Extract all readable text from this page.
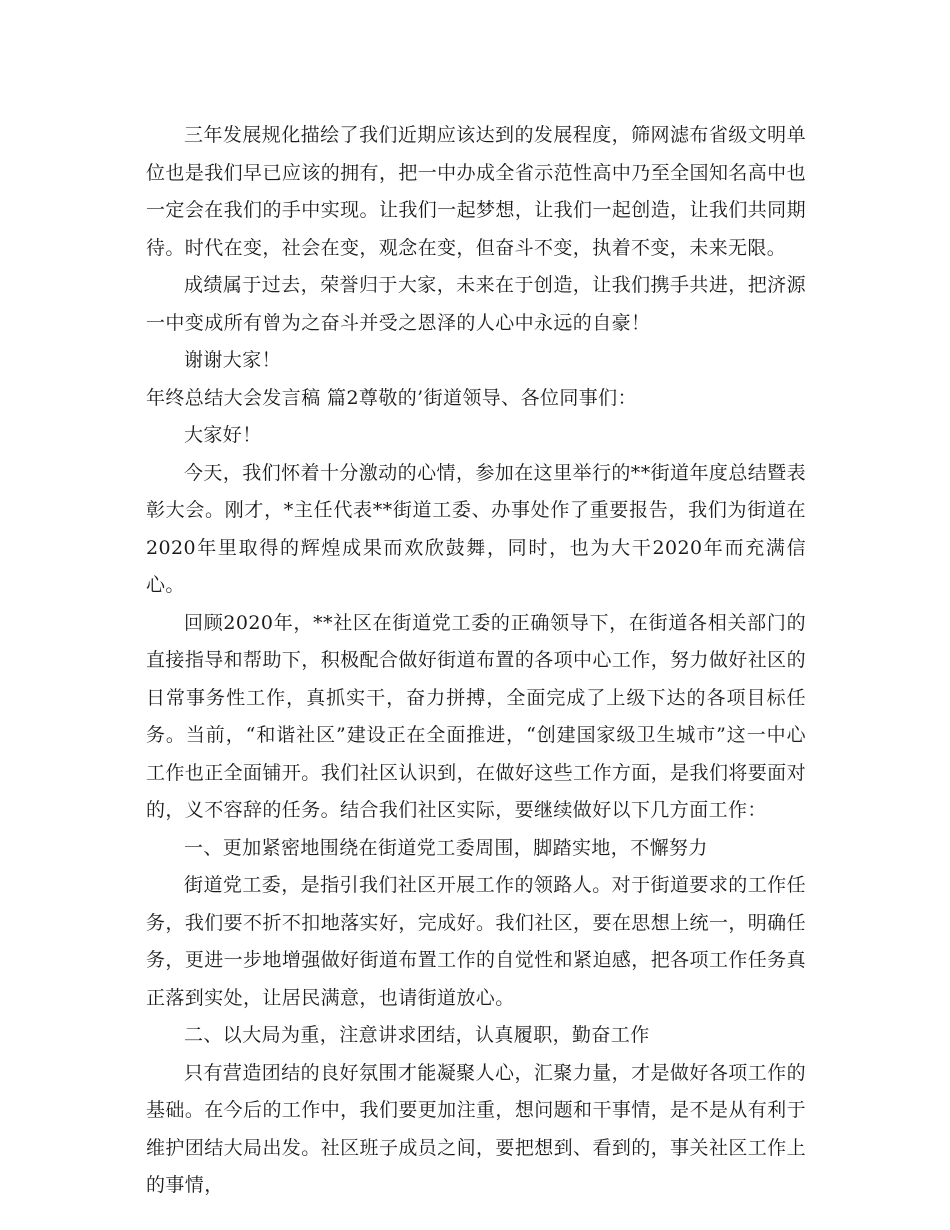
三年发展规化描绘了我们近期应该达到的发展程度，筛网滤布省级文明单位也是我们早已应该的拥有，把一中办成全省示范性高中乃至全国知名高中也一定会在我们的手中实现。让我们一起梦想，让我们一起创造，让我们共同期待。时代在变，社会在变，观念在变，但奋斗不变，执着不变，未来无限。

成绩属于过去，荣誉归于大家，未来在于创造，让我们携手共进，把济源一中变成所有曾为之奋斗并受之恩泽的人心中永远的自豪！

谢谢大家！

年终总结大会发言稿 篇2尊敬的’街道领导、各位同事们：

大家好！

今天，我们怀着十分激动的心情，参加在这里举行的**街道年度总结暨表彰大会。刚才，*主任代表**街道工委、办事处作了重要报告，我们为街道在2020年里取得的辉煌成果而欢欣鼓舞，同时，也为大干2020年而充满信心。

回顾2020年，**社区在街道党工委的正确领导下，在街道各相关部门的直接指导和帮助下，积极配合做好街道布置的各项中心工作，努力做好社区的日常事务性工作，真抓实干，奋力拼搏，全面完成了上级下达的各项目标任务。当前，“和谐社区”建设正在全面推进，“创建国家级卫生城市”这一中心工作也正全面铺开。我们社区认识到，在做好这些工作方面，是我们将要面对的，义不容辞的任务。结合我们社区实际，要继续做好以下几方面工作：

一、更加紧密地围绕在街道党工委周围，脚踏实地，不懈努力

街道党工委，是指引我们社区开展工作的领路人。对于街道要求的工作任务，我们要不折不扣地落实好，完成好。我们社区，要在思想上统一，明确任务，更进一步地增强做好街道布置工作的自觉性和紧迫感，把各项工作任务真正落到实处，让居民满意，也请街道放心。

二、以大局为重，注意讲求团结，认真履职，勤奋工作

只有营造团结的良好氛围才能凝聚人心，汇聚力量，才是做好各项工作的基础。在今后的工作中，我们要更加注重，想问题和干事情，是不是从有利于维护团结大局出发。社区班子成员之间，要把想到、看到的，事关社区工作上的事情，
